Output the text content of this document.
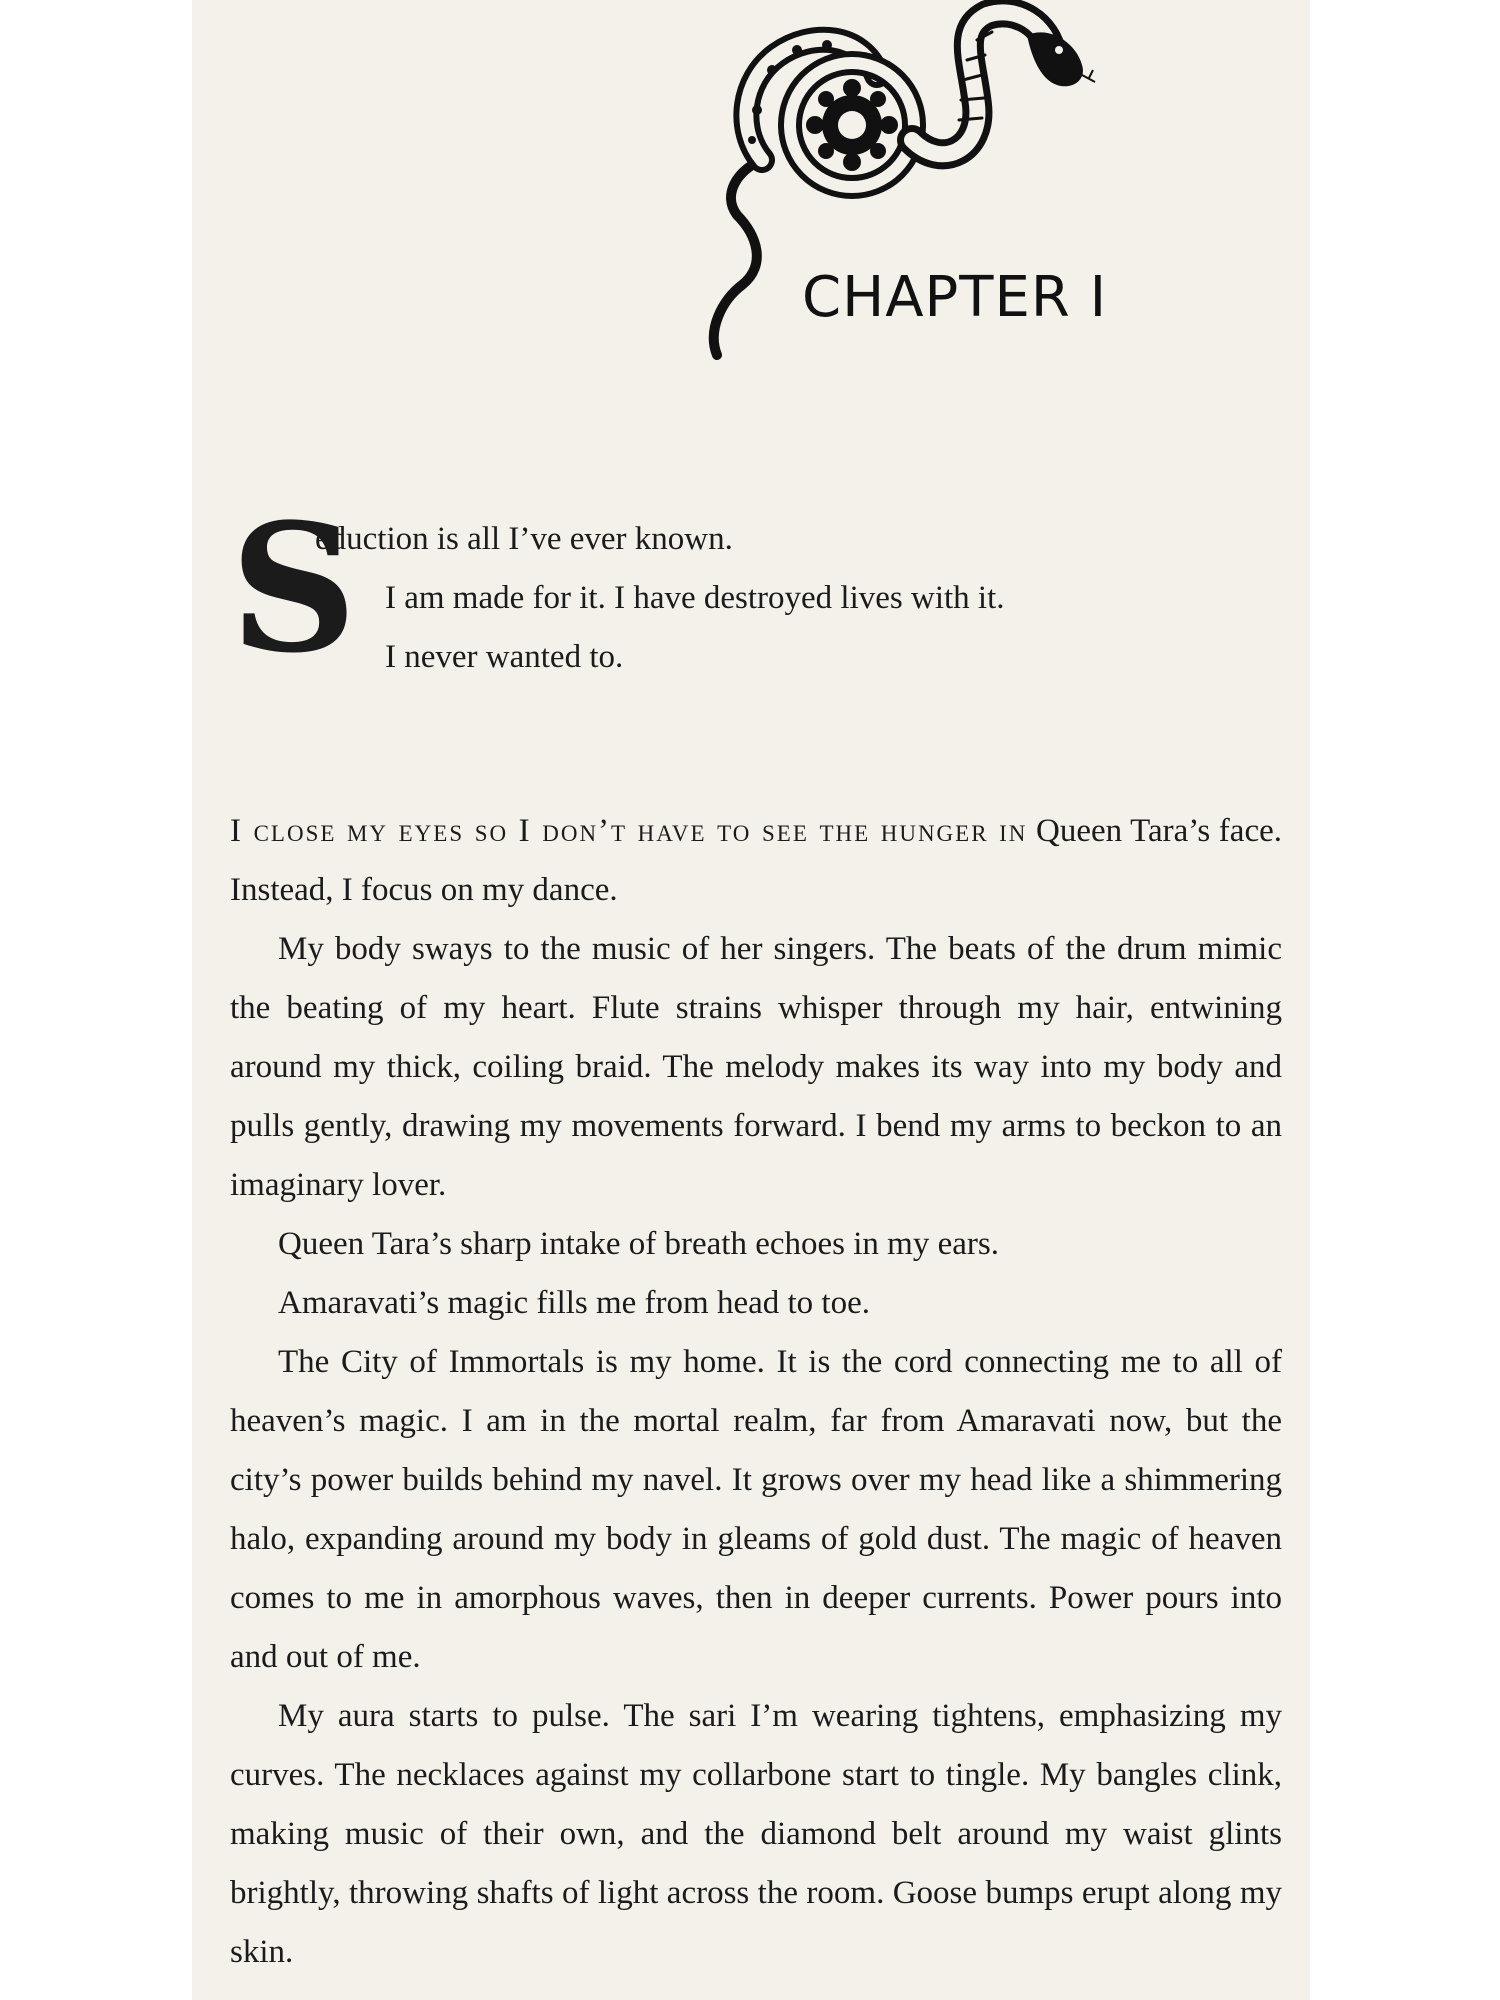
CHAPTER I
S
eduction is all I’ve ever known.
I am made for it. I have destroyed lives with it.
I never wanted to.

I close my eyes so I don’t have to see the hunger in Queen Tara’s face. Instead, I focus on my dance.

My body sways to the music of her singers. The beats of the drum mimic the beating of my heart. Flute strains whisper through my hair, entwining around my thick, coiling braid. The melody makes its way into my body and pulls gently, drawing my movements forward. I bend my arms to beckon to an imaginary lover.

Queen Tara’s sharp intake of breath echoes in my ears.

Amaravati’s magic fills me from head to toe.

The City of Immortals is my home. It is the cord connecting me to all of heaven’s magic. I am in the mortal realm, far from Amaravati now, but the city’s power builds behind my navel. It grows over my head like a shimmering halo, expanding around my body in gleams of gold dust. The magic of heaven comes to me in amorphous waves, then in deeper currents. Power pours into and out of me.

My aura starts to pulse. The sari I’m wearing tightens, emphasizing my curves. The necklaces against my collarbone start to tingle. My bangles clink, making music of their own, and the diamond belt around my waist glints brightly, throwing shafts of light across the room. Goose bumps erupt along my skin.
